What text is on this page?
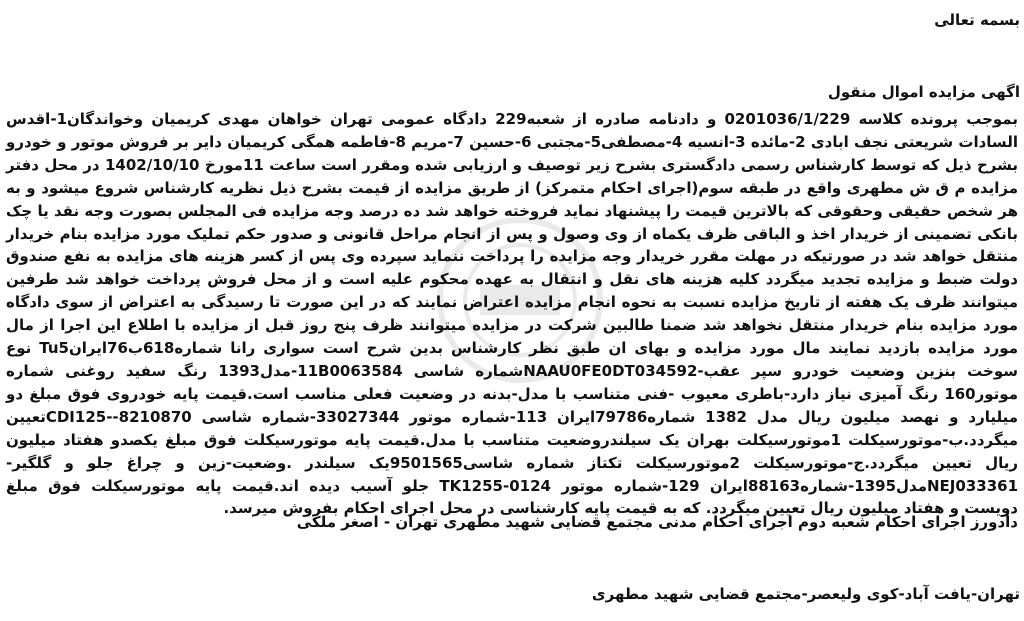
بسمه تعالی
اگهی مزایده اموال منقول
بموجب پرونده کلاسه 0201036/1/229 و دادنامه صادره از شعبه229 دادگاه عمومی تهران خواهان مهدی کریمیان وخواندگان1-اقدس السادات شریعتی نجف ابادی 2-مائده 3-انسیه 4-مصطفی5-مجتبی 6-حسین 7-مریم 8-فاطمه همگی کریمیان دایر بر فروش موتور و خودرو بشرح ذیل که توسط کارشناس رسمی دادگستری بشرح زیر توصیف و ارزیابی شده ومقرر است ساعت 11مورخ 1402/10/10 در محل دفتر مزایده م ق ش مطهری واقع در طبقه سوم(اجرای احکام متمرکز) از طریق مزایده از قیمت بشرح ذیل نظریه کارشناس شروع میشود و به هر شخص حقیقی وحقوقی که بالاترین قیمت را پیشنهاد نماید فروخته خواهد شد ده درصد وجه مزایده فی المجلس بصورت وجه نقد یا چک بانکی تضمینی از خریدار اخذ و الباقی ظرف یکماه از وی وصول و پس از انجام مراحل قانونی و صدور حکم تملیک مورد مزایده بنام خریدار منتقل خواهد شد در صورتیکه در مهلت مقرر خریدار وجه مزایده را پرداخت ننماید سپرده وی پس از کسر هزینه های مزایده به نفع صندوق دولت ضبط و مزایده تجدید میگردد کلیه هزینه های نقل و انتقال به عهده محکوم علیه است و از محل فروش پرداخت خواهد شد طرفین میتوانند ظرف یک هفته از تاریخ مزایده نسبت به نحوه انجام مزایده اعتراض نمایند که در این صورت تا رسیدگی به اعتراض از سوی دادگاه مورد مزایده بنام خریدار منتقل نخواهد شد ضمنا طالبین شرکت در مزایده میتوانند ظرف پنج روز قبل از مزایده با اطلاع این اجرا از مال مورد مزایده بازدید نمایند مال مورد مزایده و بهای ان طبق نظر کارشناس بدین شرح است سواری رانا شماره618ب76ایرانTu5 نوع سوخت بنزین وضعیت خودرو سپر عقب-NAAU0FE0DT034592شماره شاسی 11B0063584-مدل1393 رنگ سفید روغنی شماره موتور160 رنگ آمیزی نیاز دارد-باطری معیوب -فنی متناسب با مدل-بدنه در وضعیت فعلی مناسب است.قیمت پایه خودروی فوق مبلغ دو میلیارد و نهصد میلیون ریال مدل 1382 شماره79786ایران 113-شماره موتور 33027344-شماره شاسی 8210870--CDI125تعیین میگردد.ب-موتورسیکلت 1موتورسیکلت بهران یک سیلندروضعیت متناسب با مدل.قیمت پایه موتورسیکلت فوق مبلغ یکصدو هفتاد میلیون ریال تعیین میگردد.ج-موتورسیکلت 2موتورسیکلت تکتاز شماره شاسی9501565یک سیلندر .وضعیت-زین و چراغ جلو و گلگیر-NEJ033361مدل1395-شماره88163ایران 129-شماره موتور TK1255-0124 جلو آسیب دیده اند.قیمت پایه موتورسیکلت فوق مبلغ دویست و هفتاد میلیون ریال تعیین میگردد. که به قیمت پایه کارشناسی در محل اجرای احکام بفروش میرسد.
دادورز اجرای احکام شعبه دوم اجرای احکام مدنی مجتمع قضایی شهید مطهری تهران - اصغر ملکی
تهران-یافت آباد-کوی ولیعصر-مجتمع قضایی شهید مطهری
